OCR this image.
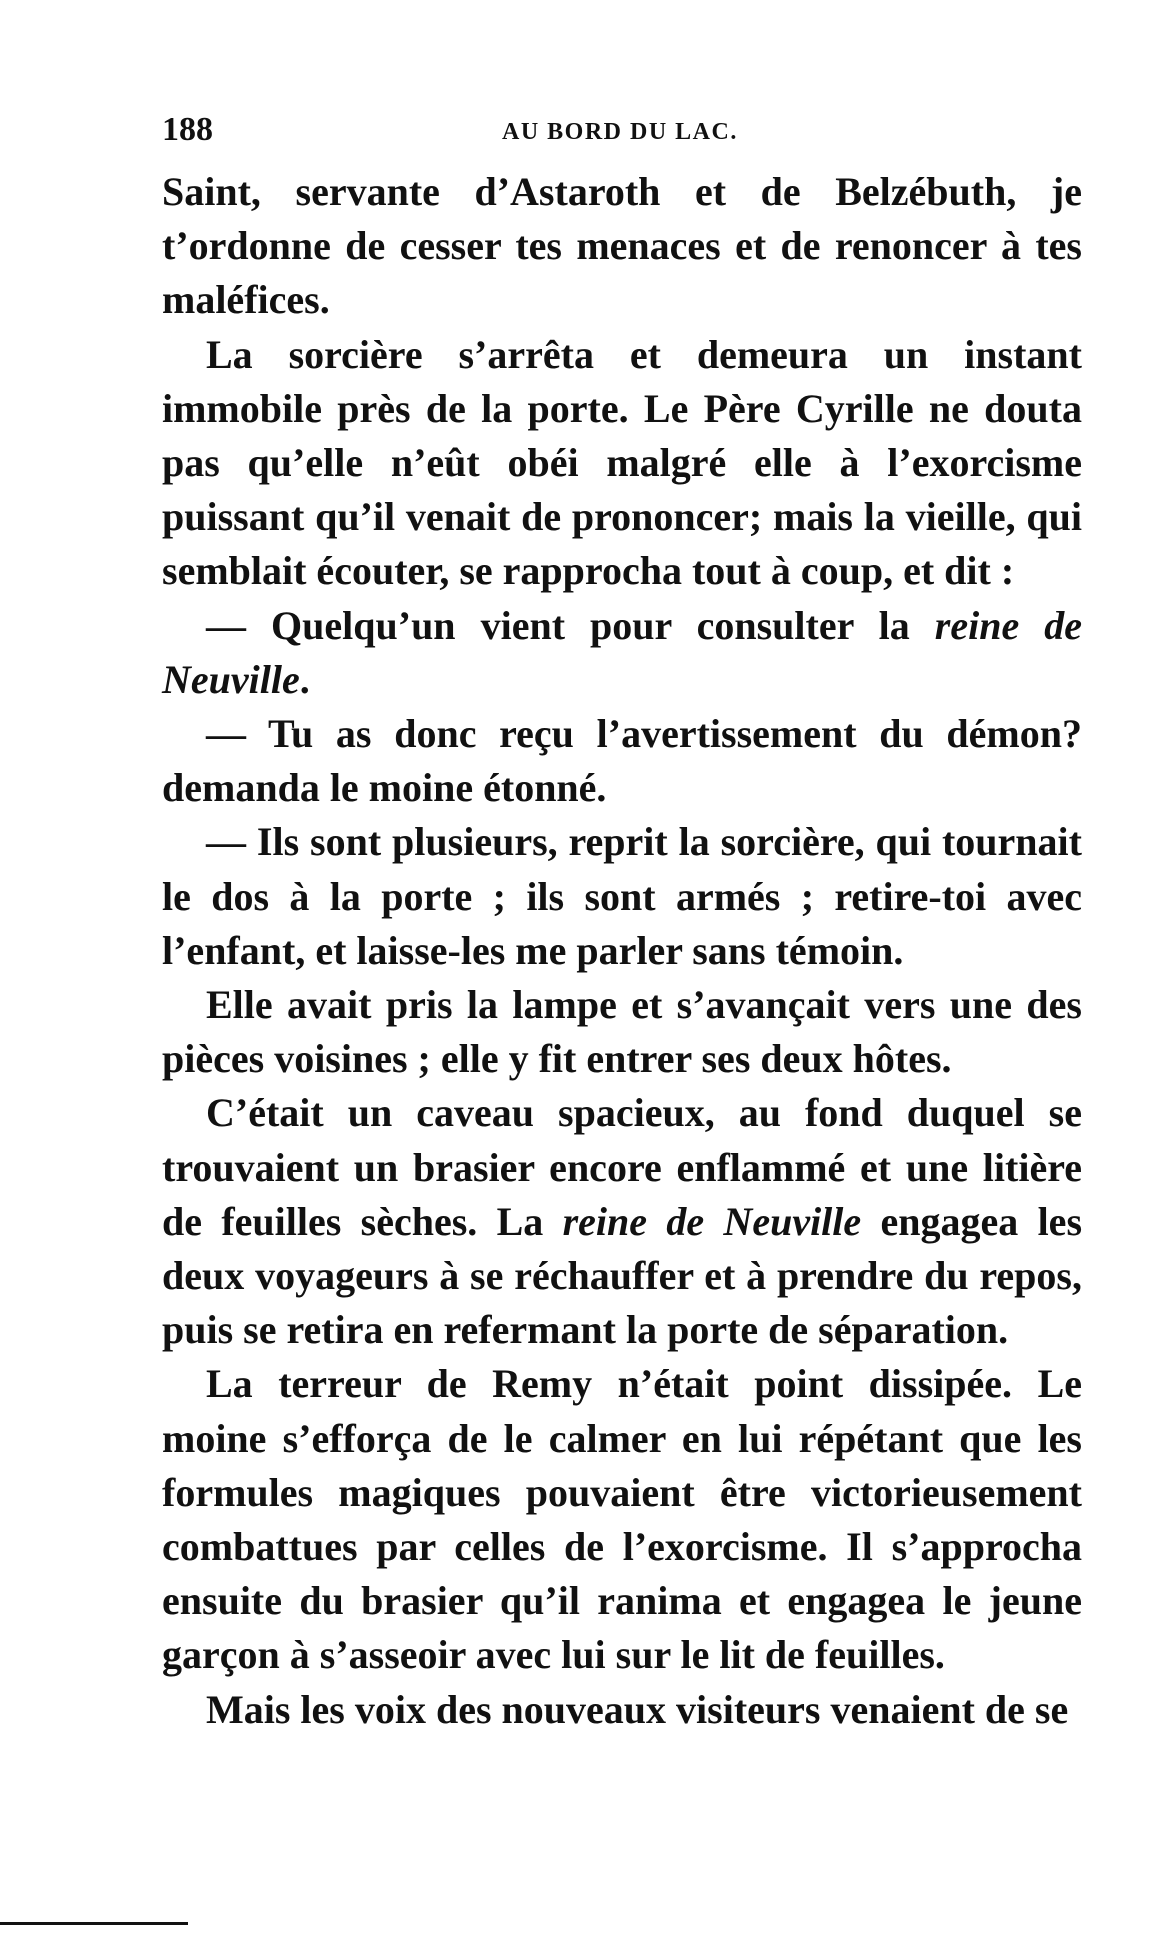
188	AU BORD DU LAC.

Saint, servante d’Astaroth et de Belzébuth, je t’ordonne de cesser tes menaces et de renoncer à tes maléfices.

La sorcière s’arrêta et demeura un instant immobile près de la porte. Le Père Cyrille ne douta pas qu’elle n’eût obéi malgré elle à l’exorcisme puissant qu’il venait de prononcer; mais la vieille, qui semblait écouter, se rapprocha tout à coup, et dit :

— Quelqu’un vient pour consulter la reine de Neuville.

— Tu as donc reçu l’avertissement du démon? demanda le moine étonné.

— Ils sont plusieurs, reprit la sorcière, qui tournait le dos à la porte ; ils sont armés ; retire-toi avec l’enfant, et laisse-les me parler sans témoin.

Elle avait pris la lampe et s’avançait vers une des pièces voisines ; elle y fit entrer ses deux hôtes.

C’était un caveau spacieux, au fond duquel se trouvaient un brasier encore enflammé et une litière de feuilles sèches. La reine de Neuville engagea les deux voyageurs à se réchauffer et à prendre du repos, puis se retira en refermant la porte de séparation.

La terreur de Remy n’était point dissipée. Le moine s’efforça de le calmer en lui répétant que les formules magiques pouvaient être victorieusement combattues par celles de l’exorcisme. Il s’approcha ensuite du brasier qu’il ranima et engagea le jeune garçon à s’asseoir avec lui sur le lit de feuilles.

Mais les voix des nouveaux visiteurs venaient de se
